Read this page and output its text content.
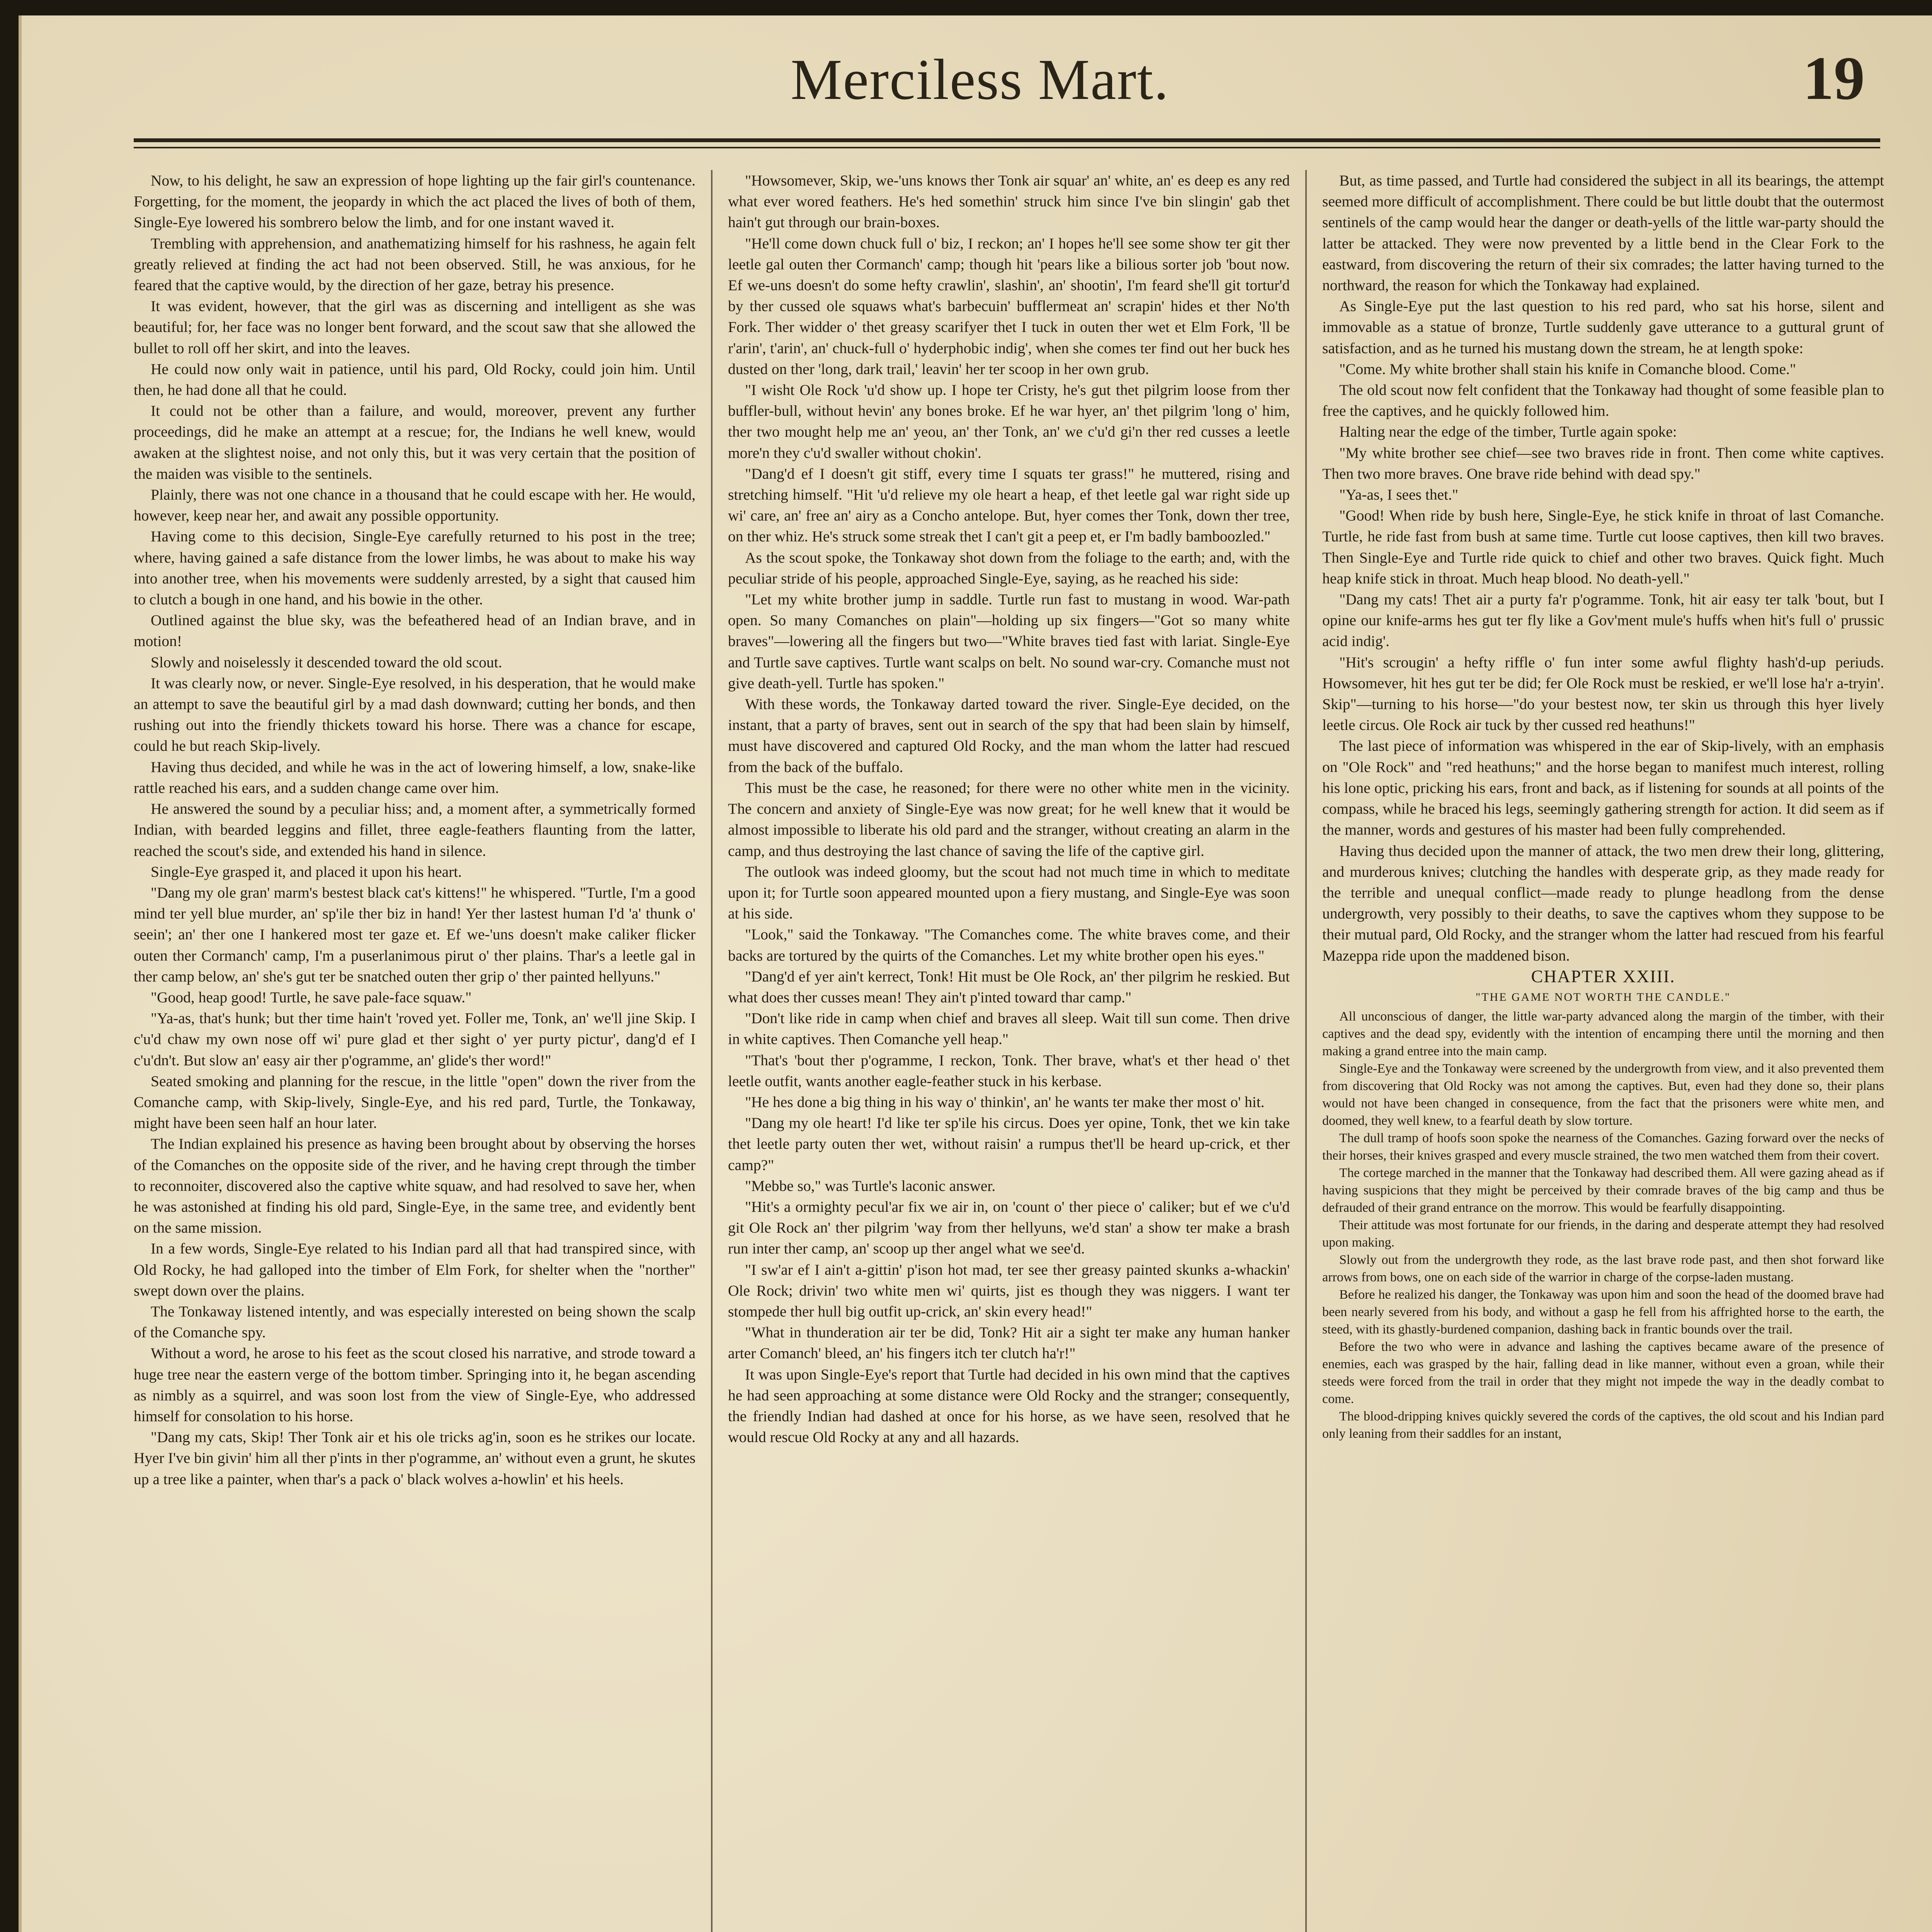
Merciless Mart.	19

Now, to his delight, he saw an expression of hope lighting up the fair girl's countenance. Forgetting, for the moment, the jeopardy in which the act placed the lives of both of them, Single-Eye lowered his sombrero below the limb, and for one instant waved it.

Trembling with apprehension, and anathematizing himself for his rashness, he again felt greatly relieved at finding the act had not been observed. Still, he was anxious, for he feared that the captive would, by the direction of her gaze, betray his presence.

It was evident, however, that the girl was as discerning and intelligent as she was beautiful; for, her face was no longer bent forward, and the scout saw that she allowed the bullet to roll off her skirt, and into the leaves.

He could now only wait in patience, until his pard, Old Rocky, could join him. Until then, he had done all that he could.

It could not be other than a failure, and would, moreover, prevent any further proceedings, did he make an attempt at a rescue; for, the Indians he well knew, would awaken at the slightest noise, and not only this, but it was very certain that the position of the maiden was visible to the sentinels.

Plainly, there was not one chance in a thousand that he could escape with her. He would, however, keep near her, and await any possible opportunity.

Having come to this decision, Single-Eye carefully returned to his post in the tree; where, having gained a safe distance from the lower limbs, he was about to make his way into another tree, when his movements were suddenly arrested, by a sight that caused him to clutch a bough in one hand, and his bowie in the other.

Outlined against the blue sky, was the befeathered head of an Indian brave, and in motion!

Slowly and noiselessly it descended toward the old scout.

It was clearly now, or never. Single-Eye resolved, in his desperation, that he would make an attempt to save the beautiful girl by a mad dash downward; cutting her bonds, and then rushing out into the friendly thickets toward his horse. There was a chance for escape, could he but reach Skip-lively.

Having thus decided, and while he was in the act of lowering himself, a low, snake-like rattle reached his ears, and a sudden change came over him.

He answered the sound by a peculiar hiss; and, a moment after, a symmetrically formed Indian, with bearded leggins and fillet, three eagle-feathers flaunting from the latter, reached the scout's side, and extended his hand in silence.

Single-Eye grasped it, and placed it upon his heart.

"Dang my ole gran' marm's bestest black cat's kittens!" he whispered. "Turtle, I'm a good mind ter yell blue murder, an' sp'ile ther biz in hand! Yer ther lastest human I'd 'a' thunk o' seein'; an' ther one I hankered most ter gaze et. Ef we-'uns doesn't make caliker flicker outen ther Cormanch' camp, I'm a puserlanimous pirut o' ther plains. Thar's a leetle gal in ther camp below, an' she's gut ter be snatched outen ther grip o' ther painted hellyuns."

"Good, heap good! Turtle, he save pale-face squaw."

"Ya-as, that's hunk; but ther time hain't 'roved yet. Foller me, Tonk, an' we'll jine Skip. I c'u'd chaw my own nose off wi' pure glad et ther sight o' yer purty pictur', dang'd ef I c'u'dn't. But slow an' easy air ther p'ogramme, an' glide's ther word!"

Seated smoking and planning for the rescue, in the little "open" down the river from the Comanche camp, with Skip-lively, Single-Eye, and his red pard, Turtle, the Tonkaway, might have been seen half an hour later.

The Indian explained his presence as having been brought about by observing the horses of the Comanches on the opposite side of the river, and he having crept through the timber to reconnoiter, discovered also the captive white squaw, and had resolved to save her, when he was astonished at finding his old pard, Single-Eye, in the same tree, and evidently bent on the same mission.

In a few words, Single-Eye related to his Indian pard all that had transpired since, with Old Rocky, he had galloped into the timber of Elm Fork, for shelter when the "norther" swept down over the plains.

The Tonkaway listened intently, and was especially interested on being shown the scalp of the Comanche spy.

Without a word, he arose to his feet as the scout closed his narrative, and strode toward a huge tree near the eastern verge of the bottom timber. Springing into it, he began ascending as nimbly as a squirrel, and was soon lost from the view of Single-Eye, who addressed himself for consolation to his horse.

"Dang my cats, Skip! Ther Tonk air et his ole tricks ag'in, soon es he strikes our locate. Hyer I've bin givin' him all ther p'ints in ther p'ogramme, an' without even a grunt, he skutes up a tree like a painter, when thar's a pack o' black wolves a-howlin' et his heels.

"Howsomever, Skip, we-'uns knows ther Tonk air squar' an' white, an' es deep es any red what ever wored feathers. He's hed somethin' struck him since I've bin slingin' gab thet hain't gut through our brain-boxes.

"He'll come down chuck full o' biz, I reckon; an' I hopes he'll see some show ter git ther leetle gal outen ther Cormanch' camp; though hit 'pears like a bilious sorter job 'bout now. Ef we-uns doesn't do some hefty crawlin', slashin', an' shootin', I'm feard she'll git tortur'd by ther cussed ole squaws what's barbecuin' bufflermeat an' scrapin' hides et ther No'th Fork. Ther widder o' thet greasy scarifyer thet I tuck in outen ther wet et Elm Fork, 'll be r'arin', t'arin', an' chuck-full o' hyderphobic indig', when she comes ter find out her buck hes dusted on ther 'long, dark trail,' leavin' her ter scoop in her own grub.

"I wisht Ole Rock 'u'd show up. I hope ter Cristy, he's gut thet pilgrim loose from ther buffler-bull, without hevin' any bones broke. Ef he war hyer, an' thet pilgrim 'long o' him, ther two mought help me an' yeou, an' ther Tonk, an' we c'u'd gi'n ther red cusses a leetle more'n they c'u'd swaller without chokin'.

"Dang'd ef I doesn't git stiff, every time I squats ter grass!" he muttered, rising and stretching himself. "Hit 'u'd relieve my ole heart a heap, ef thet leetle gal war right side up wi' care, an' free an' airy as a Concho antelope. But, hyer comes ther Tonk, down ther tree, on ther whiz. He's struck some streak thet I can't git a peep et, er I'm badly bamboozled."

As the scout spoke, the Tonkaway shot down from the foliage to the earth; and, with the peculiar stride of his people, approached Single-Eye, saying, as he reached his side:

"Let my white brother jump in saddle. Turtle run fast to mustang in wood. War-path open. So many Comanches on plain"—holding up six fingers—"Got so many white braves"—lowering all the fingers but two—"White braves tied fast with lariat. Single-Eye and Turtle save captives. Turtle want scalps on belt. No sound war-cry. Comanche must not give death-yell. Turtle has spoken."

With these words, the Tonkaway darted toward the river. Single-Eye decided, on the instant, that a party of braves, sent out in search of the spy that had been slain by himself, must have discovered and captured Old Rocky, and the man whom the latter had rescued from the back of the buffalo.

This must be the case, he reasoned; for there were no other white men in the vicinity. The concern and anxiety of Single-Eye was now great; for he well knew that it would be almost impossible to liberate his old pard and the stranger, without creating an alarm in the camp, and thus destroying the last chance of saving the life of the captive girl.

The outlook was indeed gloomy, but the scout had not much time in which to meditate upon it; for Turtle soon appeared mounted upon a fiery mustang, and Single-Eye was soon at his side.

"Look," said the Tonkaway. "The Comanches come. The white braves come, and their backs are tortured by the quirts of the Comanches. Let my white brother open his eyes."

"Dang'd ef yer ain't kerrect, Tonk! Hit must be Ole Rock, an' ther pilgrim he reskied. But what does ther cusses mean! They ain't p'inted toward thar camp."

"Don't like ride in camp when chief and braves all sleep. Wait till sun come. Then drive in white captives. Then Comanche yell heap."

"That's 'bout ther p'ogramme, I reckon, Tonk. Ther brave, what's et ther head o' thet leetle outfit, wants another eagle-feather stuck in his kerbase.

"He hes done a big thing in his way o' thinkin', an' he wants ter make ther most o' hit.

"Dang my ole heart! I'd like ter sp'ile his circus. Does yer opine, Tonk, thet we kin take thet leetle party outen ther wet, without raisin' a rumpus thet'll be heard up-crick, et ther camp?"

"Mebbe so," was Turtle's laconic answer.

"Hit's a ormighty pecul'ar fix we air in, on 'count o' ther piece o' caliker; but ef we c'u'd git Ole Rock an' ther pilgrim 'way from ther hellyuns, we'd stan' a show ter make a brash run inter ther camp, an' scoop up ther angel what we see'd.

"I sw'ar ef I ain't a-gittin' p'ison hot mad, ter see ther greasy painted skunks a-whackin' Ole Rock; drivin' two white men wi' quirts, jist es though they was niggers. I want ter stompede ther hull big outfit up-crick, an' skin every head!"

"What in thunderation air ter be did, Tonk? Hit air a sight ter make any human hanker arter Comanch' bleed, an' his fingers itch ter clutch ha'r!"

It was upon Single-Eye's report that Turtle had decided in his own mind that the captives he had seen approaching at some distance were Old Rocky and the stranger; consequently, the friendly Indian had dashed at once for his horse, as we have seen, resolved that he would rescue Old Rocky at any and all hazards.

But, as time passed, and Turtle had considered the subject in all its bearings, the attempt seemed more difficult of accomplishment. There could be but little doubt that the outermost sentinels of the camp would hear the danger or death-yells of the little war-party should the latter be attacked. They were now prevented by a little bend in the Clear Fork to the eastward, from discovering the return of their six comrades; the latter having turned to the northward, the reason for which the Tonkaway had explained.

As Single-Eye put the last question to his red pard, who sat his horse, silent and immovable as a statue of bronze, Turtle suddenly gave utterance to a guttural grunt of satisfaction, and as he turned his mustang down the stream, he at length spoke:

"Come. My white brother shall stain his knife in Comanche blood. Come."

The old scout now felt confident that the Tonkaway had thought of some feasible plan to free the captives, and he quickly followed him.

Halting near the edge of the timber, Turtle again spoke:

"My white brother see chief—see two braves ride in front. Then come white captives. Then two more braves. One brave ride behind with dead spy."

"Ya-as, I sees thet."

"Good! When ride by bush here, Single-Eye, he stick knife in throat of last Comanche. Turtle, he ride fast from bush at same time. Turtle cut loose captives, then kill two braves. Then Single-Eye and Turtle ride quick to chief and other two braves. Quick fight. Much heap knife stick in throat. Much heap blood. No death-yell."

"Dang my cats! Thet air a purty fa'r p'ogramme. Tonk, hit air easy ter talk 'bout, but I opine our knife-arms hes gut ter fly like a Gov'ment mule's huffs when hit's full o' prussic acid indig'.

"Hit's scrougin' a hefty riffle o' fun inter some awful flighty hash'd-up periuds. Howsomever, hit hes gut ter be did; fer Ole Rock must be reskied, er we'll lose ha'r a-tryin'. Skip"—turning to his horse—"do your bestest now, ter skin us through this hyer lively leetle circus. Ole Rock air tuck by ther cussed red heathuns!"

The last piece of information was whispered in the ear of Skip-lively, with an emphasis on "Ole Rock" and "red heathuns;" and the horse began to manifest much interest, rolling his lone optic, pricking his ears, front and back, as if listening for sounds at all points of the compass, while he braced his legs, seemingly gathering strength for action. It did seem as if the manner, words and gestures of his master had been fully comprehended.

Having thus decided upon the manner of attack, the two men drew their long, glittering, and murderous knives; clutching the handles with desperate grip, as they made ready for the terrible and unequal conflict—made ready to plunge headlong from the dense undergrowth, very possibly to their deaths, to save the captives whom they suppose to be their mutual pard, Old Rocky, and the stranger whom the latter had rescued from his fearful Mazeppa ride upon the maddened bison.

CHAPTER XXIII.

"THE GAME NOT WORTH THE CANDLE."

All unconscious of danger, the little war-party advanced along the margin of the timber, with their captives and the dead spy, evidently with the intention of encamping there until the morning and then making a grand entree into the main camp.

Single-Eye and the Tonkaway were screened by the undergrowth from view, and it also prevented them from discovering that Old Rocky was not among the captives. But, even had they done so, their plans would not have been changed in consequence, from the fact that the prisoners were white men, and doomed, they well knew, to a fearful death by slow torture.

The dull tramp of hoofs soon spoke the nearness of the Comanches. Gazing forward over the necks of their horses, their knives grasped and every muscle strained, the two men watched them from their covert.

The cortege marched in the manner that the Tonkaway had described them. All were gazing ahead as if having suspicions that they might be perceived by their comrade braves of the big camp and thus be defrauded of their grand entrance on the morrow. This would be fearfully disappointing.

Their attitude was most fortunate for our friends, in the daring and desperate attempt they had resolved upon making.

Slowly out from the undergrowth they rode, as the last brave rode past, and then shot forward like arrows from bows, one on each side of the warrior in charge of the corpse-laden mustang.

Before he realized his danger, the Tonkaway was upon him and soon the head of the doomed brave had been nearly severed from his body, and without a gasp he fell from his affrighted horse to the earth, the steed, with its ghastly-burdened companion, dashing back in frantic bounds over the trail.

Before the two who were in advance and lashing the captives became aware of the presence of enemies, each was grasped by the hair, falling dead in like manner, without even a groan, while their steeds were forced from the trail in order that they might not impede the way in the deadly combat to come.

The blood-dripping knives quickly severed the cords of the captives, the old scout and his Indian pard only leaning from their saddles for an instant,
